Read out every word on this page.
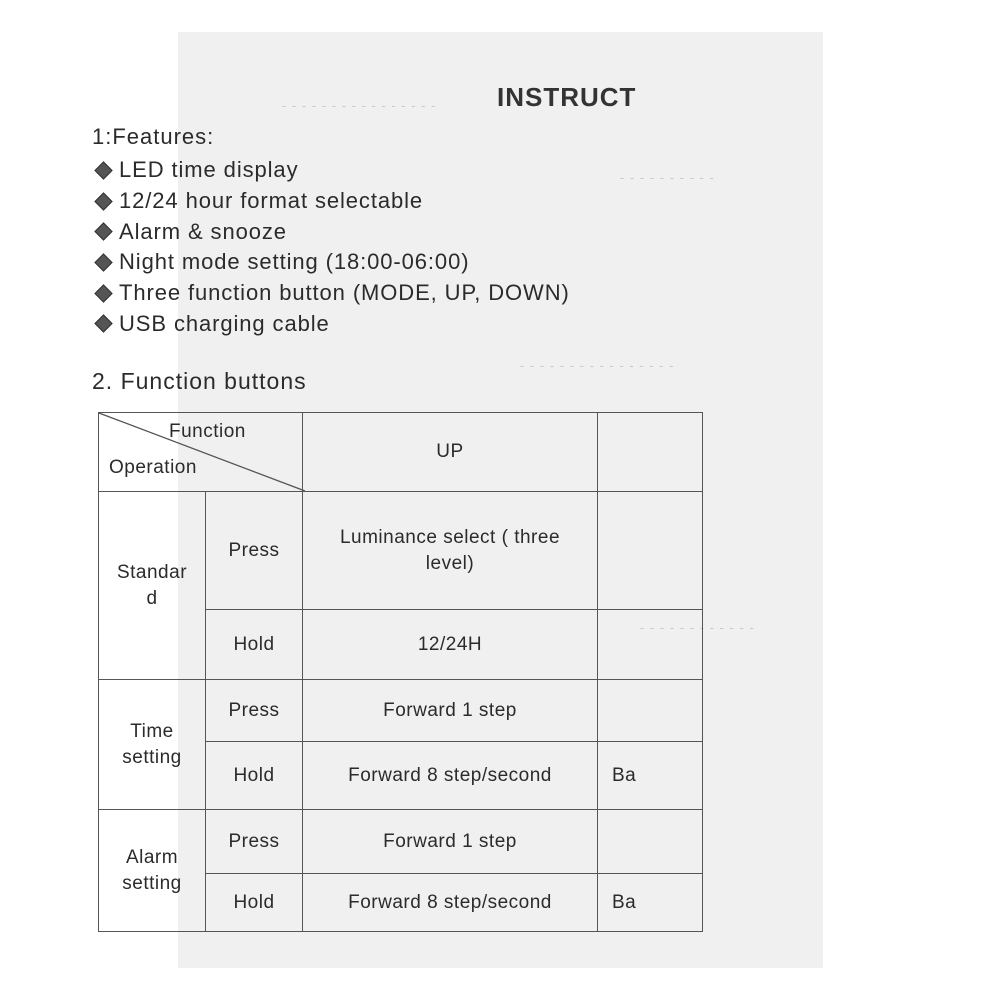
- - - - - - - - - - - - - - - -
- - - - - - - - - -
- - - - - - - - - - - - - - - -
- - - - - - - - - - - -
INSTRUCT
1:Features:
LED time display
12/24 hour format selectable
Alarm & snooze
Night mode setting (18:00-06:00)
Three function button (MODE, UP, DOWN)
USB charging cable
2. Function buttons
Function
Operation		UP	
Standar d	Press	Luminance select ( three level)	
	Hold	12/24H	
Time setting	Press	Forward 1 step	
	Hold	Forward 8 step/second	Ba
Alarm setting	Press	Forward 1 step	
	Hold	Forward 8 step/second	Ba
